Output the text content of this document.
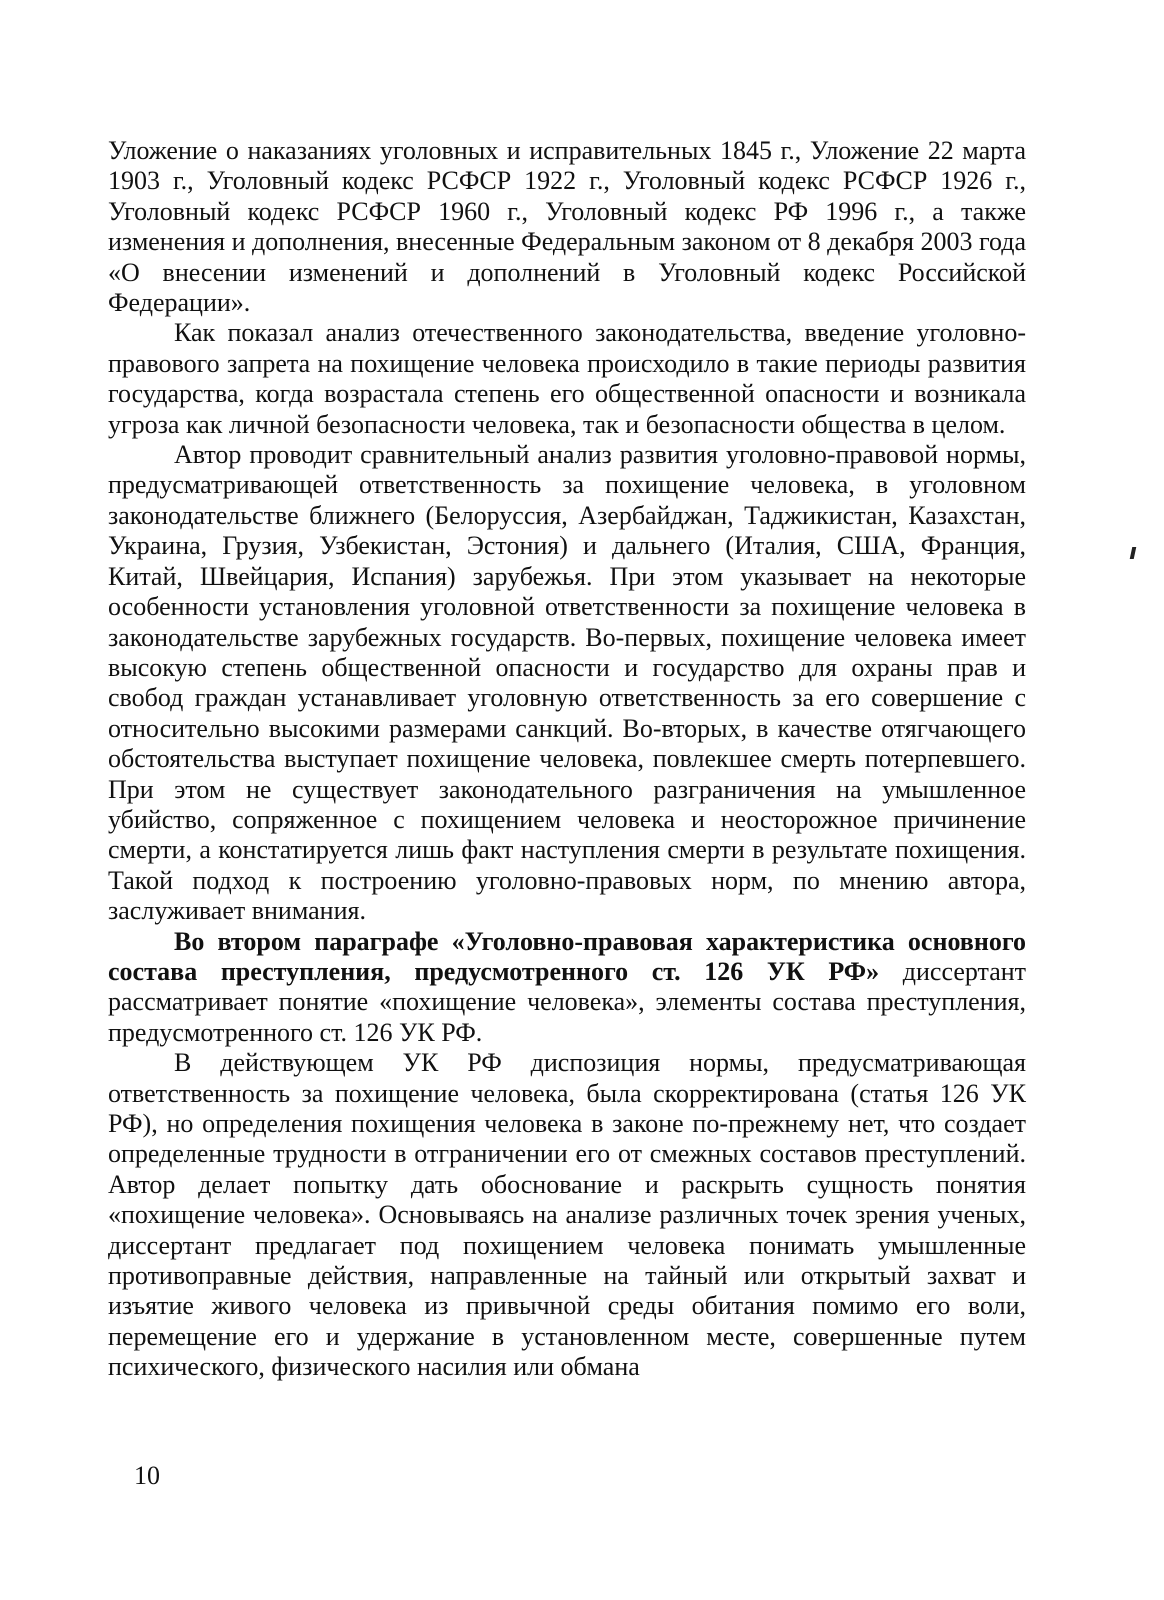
Уложение о наказаниях уголовных и исправительных 1845 г., Уложение 22 марта 1903 г., Уголовный кодекс РСФСР 1922 г., Уголовный кодекс РСФСР 1926 г., Уголовный кодекс РСФСР 1960 г., Уголовный кодекс РФ 1996 г., а также изменения и дополнения, внесенные Федеральным законом от 8 декабря 2003 года «О внесении изменений и дополнений в Уголовный кодекс Российской Федерации».

Как показал анализ отечественного законодательства, введение уголовно-правового запрета на похищение человека происходило в такие периоды развития государства, когда возрастала степень его общественной опасности и возникала угроза как личной безопасности человека, так и безопасности общества в целом.

Автор проводит сравнительный анализ развития уголовно-правовой нормы, предусматривающей ответственность за похищение человека, в уголовном законодательстве ближнего (Белоруссия, Азербайджан, Таджикистан, Казахстан, Украина, Грузия, Узбекистан, Эстония) и дальнего (Италия, США, Франция, Китай, Швейцария, Испания) зарубежья. При этом указывает на некоторые особенности установления уголовной ответственности за похищение человека в законодательстве зарубежных государств. Во-первых, похищение человека имеет высокую степень общественной опасности и государство для охраны прав и свобод граждан устанавливает уголовную ответственность за его совершение с относительно высокими размерами санкций. Во-вторых, в качестве отягчающего обстоятельства выступает похищение человека, повлекшее смерть потерпевшего. При этом не существует законодательного разграничения на умышленное убийство, сопряженное с похищением человека и неосторожное причинение смерти, а констатируется лишь факт наступления смерти в результате похищения. Такой подход к построению уголовно-правовых норм, по мнению автора, заслуживает внимания.

Во втором параграфе «Уголовно-правовая характеристика основного состава преступления, предусмотренного ст. 126 УК РФ» диссертант рассматривает понятие «похищение человека», элементы состава преступления, предусмотренного ст. 126 УК РФ.

В действующем УК РФ диспозиция нормы, предусматривающая ответственность за похищение человека, была скорректирована (статья 126 УК РФ), но определения похищения человека в законе по-прежнему нет, что создает определенные трудности в отграничении его от смежных составов преступлений. Автор делает попытку дать обоснование и раскрыть сущность понятия «похищение человека». Основываясь на анализе различных точек зрения ученых, диссертант предлагает под похищением человека понимать умышленные противоправные действия, направленные на тайный или открытый захват и изъятие живого человека из привычной среды обитания помимо его воли, перемещение его и удержание в установленном месте, совершенные путем психического, физического насилия или обмана

10
